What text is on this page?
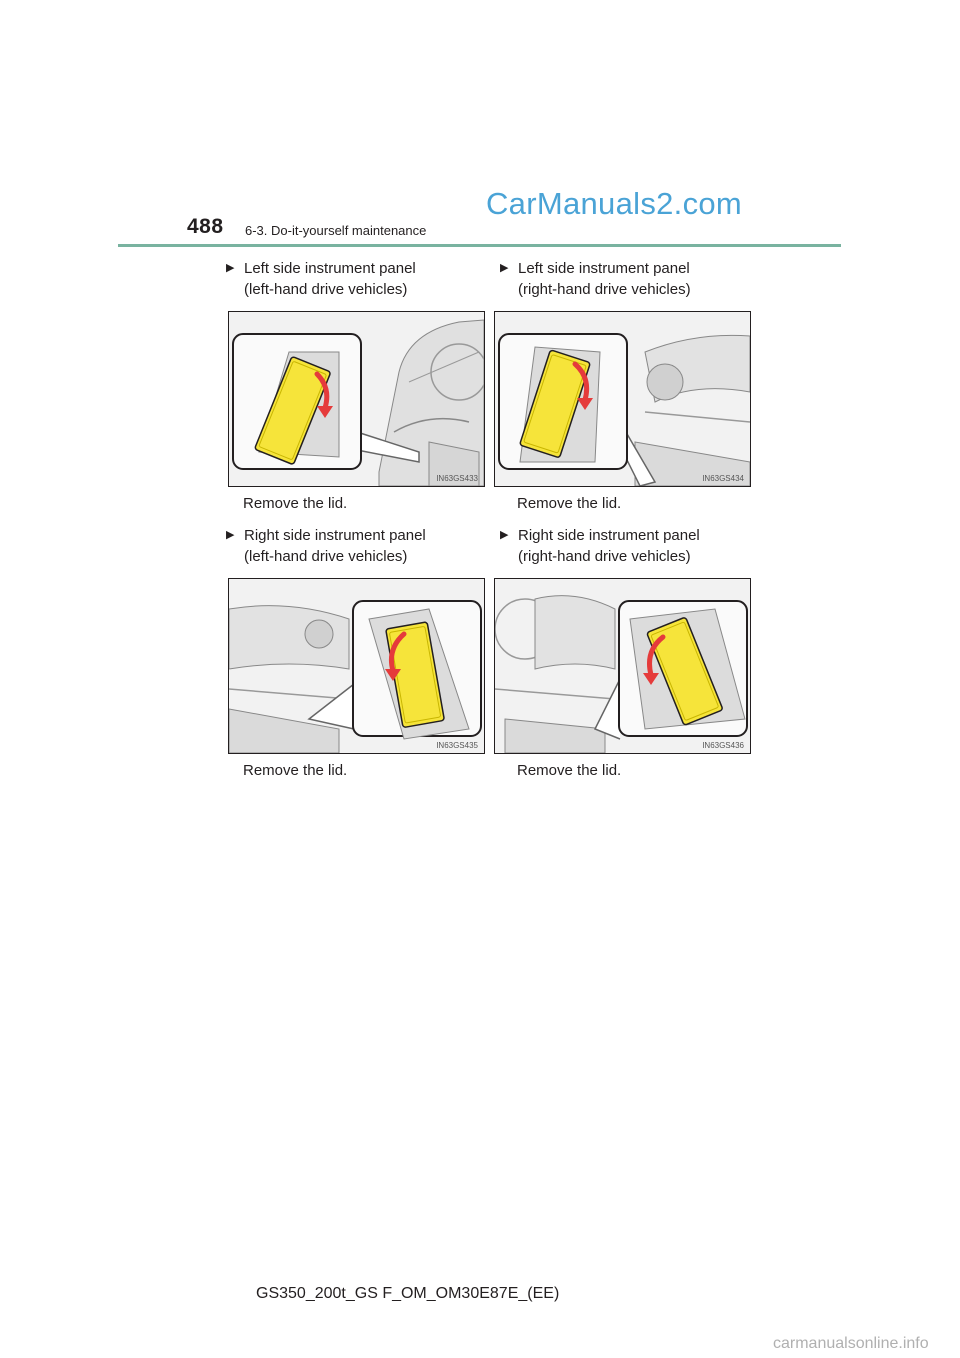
488 6-3. Do-it-yourself maintenance
CarManuals2.com
▶ Left side instrument panel
(left-hand drive vehicles)
IN63GS433
Remove the lid.
▶ Left side instrument panel
(right-hand drive vehicles)
IN63GS434
Remove the lid.
▶ Right side instrument panel
(left-hand drive vehicles)
IN63GS435
Remove the lid.
▶ Right side instrument panel
(right-hand drive vehicles)
IN63GS436
Remove the lid.
GS350_200t_GS F_OM_OM30E87E_(EE)
carmanualsonline.info
